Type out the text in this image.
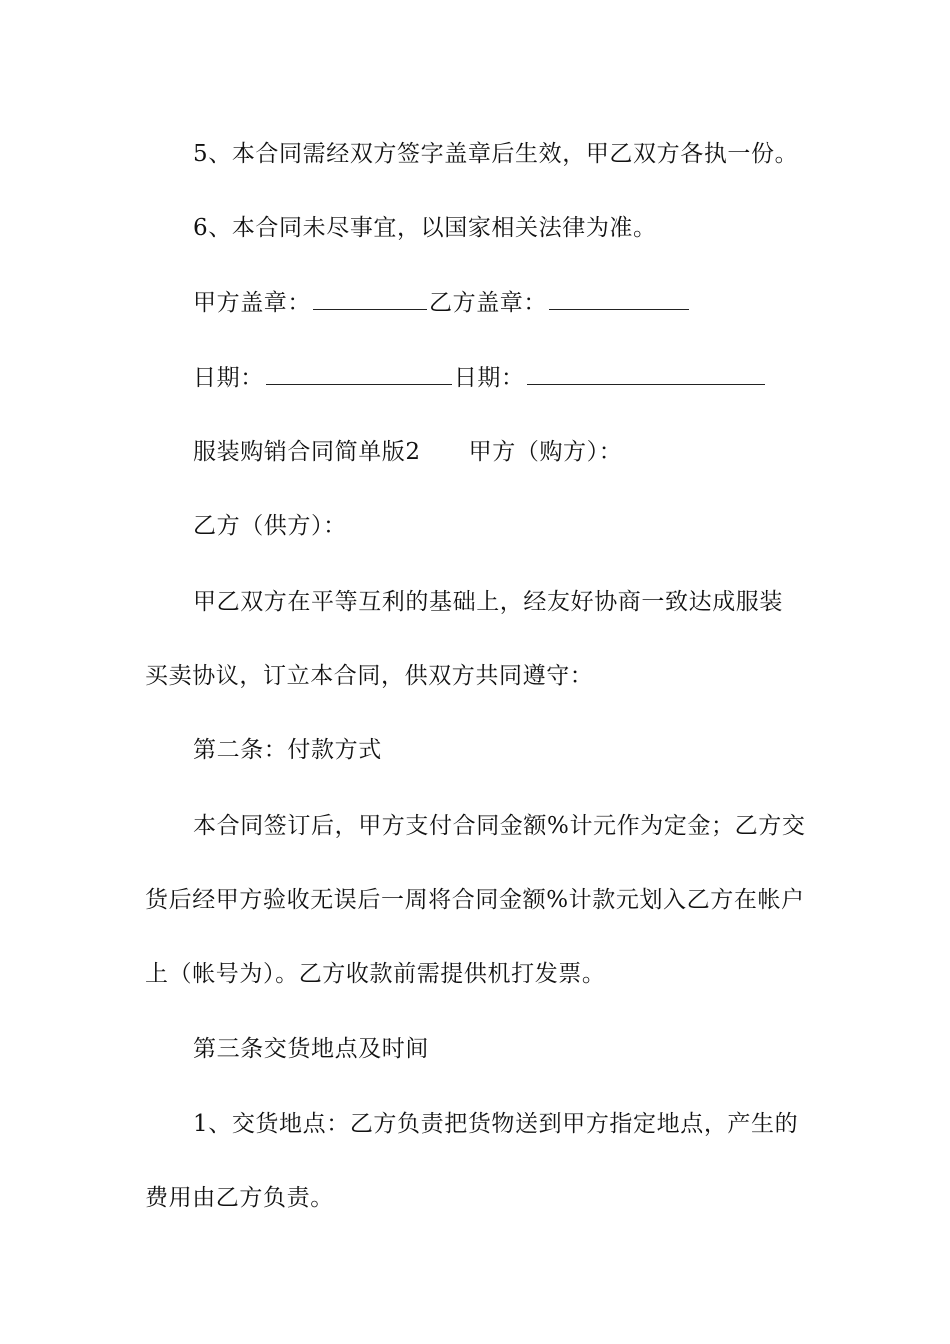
5、本合同需经双方签字盖章后生效，甲乙双方各执一份。
6、本合同未尽事宜，以国家相关法律为准。
甲方盖章：	乙方盖章：
日期：	日期：
服装购销合同简单版2 甲方（购方）：
乙方（供方）：
甲乙双方在平等互利的基础上，经友好协商一致达成服装
买卖协议，订立本合同，供双方共同遵守：
第二条：付款方式
本合同签订后，甲方支付合同金额%计元作为定金；乙方交
货后经甲方验收无误后一周将合同金额%计款元划入乙方在帐户
上（帐号为）。乙方收款前需提供机打发票。
第三条交货地点及时间
1、交货地点：乙方负责把货物送到甲方指定地点，产生的
费用由乙方负责。
